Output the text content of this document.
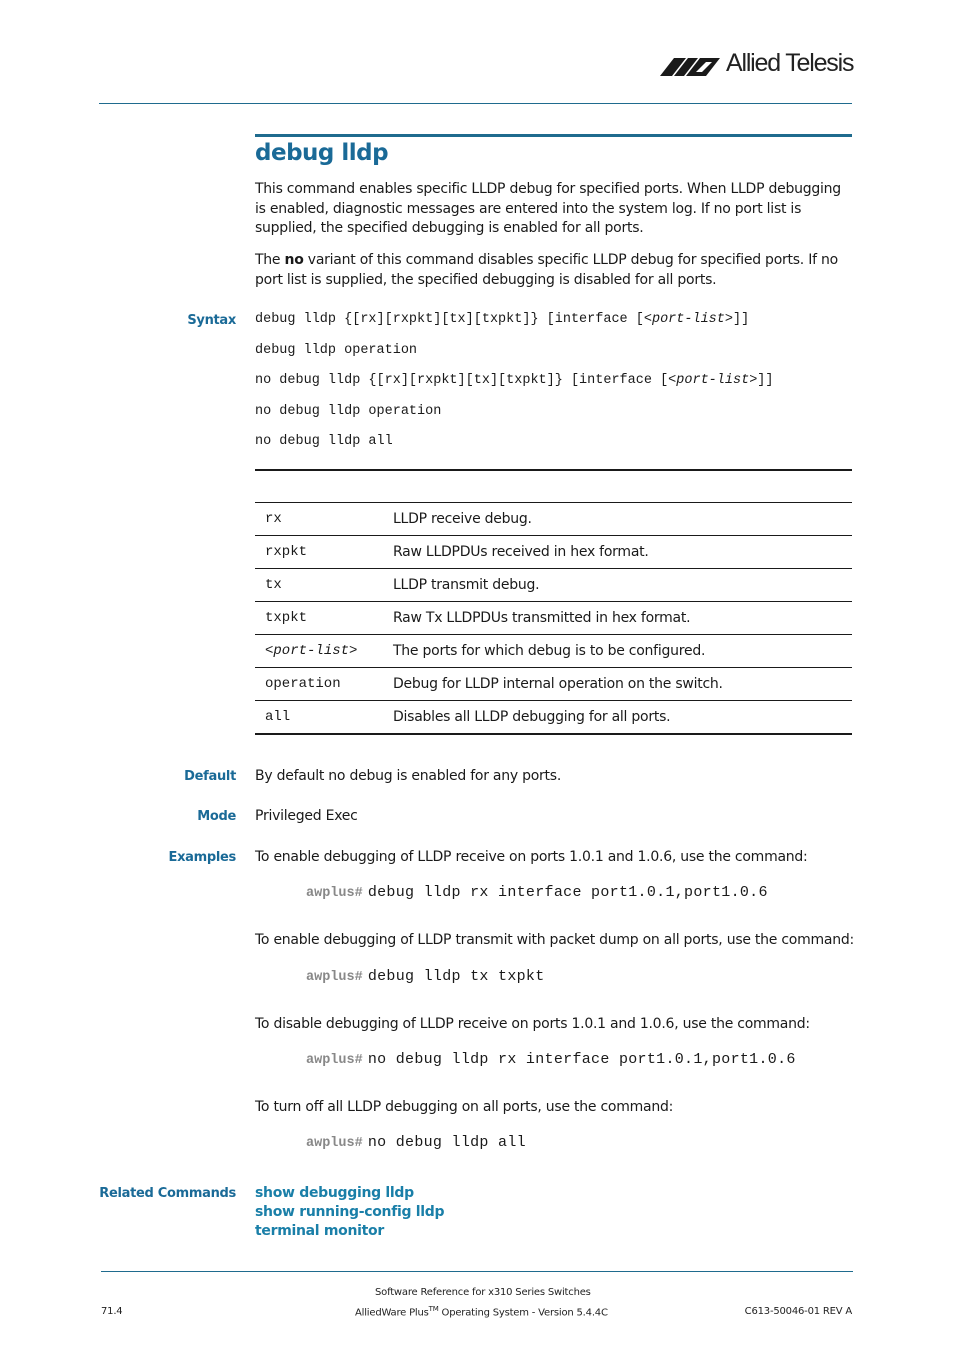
Allied Telesis
debug lldp
This command enables specific LLDP debug for specified ports. When LLDP debugging is enabled, diagnostic messages are entered into the system log. If no port list is supplied, the specified debugging is enabled for all ports.
The no variant of this command disables specific LLDP debug for specified ports. If no port list is supplied, the specified debugging is disabled for all ports.
Syntax debug lldp {[rx][rxpkt][tx][txpkt]} [interface [<port-list>]]
debug lldp operation
no debug lldp {[rx][rxpkt][tx][txpkt]} [interface [<port-list>]]
no debug lldp operation
no debug lldp all
rx	LLDP receive debug.
rxpkt	Raw LLDPDUs received in hex format.
tx	LLDP transmit debug.
txpkt	Raw Tx LLDPDUs transmitted in hex format.
<port-list>	The ports for which debug is to be configured.
operation	Debug for LLDP internal operation on the switch.
all	Disables all LLDP debugging for all ports.
Default By default no debug is enabled for any ports.
Mode Privileged Exec
Examples To enable debugging of LLDP receive on ports 1.0.1 and 1.0.6, use the command:
awplus# debug lldp rx interface port1.0.1,port1.0.6
To enable debugging of LLDP transmit with packet dump on all ports, use the command:
awplus# debug lldp tx txpkt
To disable debugging of LLDP receive on ports 1.0.1 and 1.0.6, use the command:
awplus# no debug lldp rx interface port1.0.1,port1.0.6
To turn off all LLDP debugging on all ports, use the command:
awplus# no debug lldp all
Related Commands show debugging lldp
show running-config lldp
terminal monitor
Software Reference for x310 Series Switches
AlliedWare Plus™ Operating System - Version 5.4.4C
71.4	C613-50046-01 REV A
